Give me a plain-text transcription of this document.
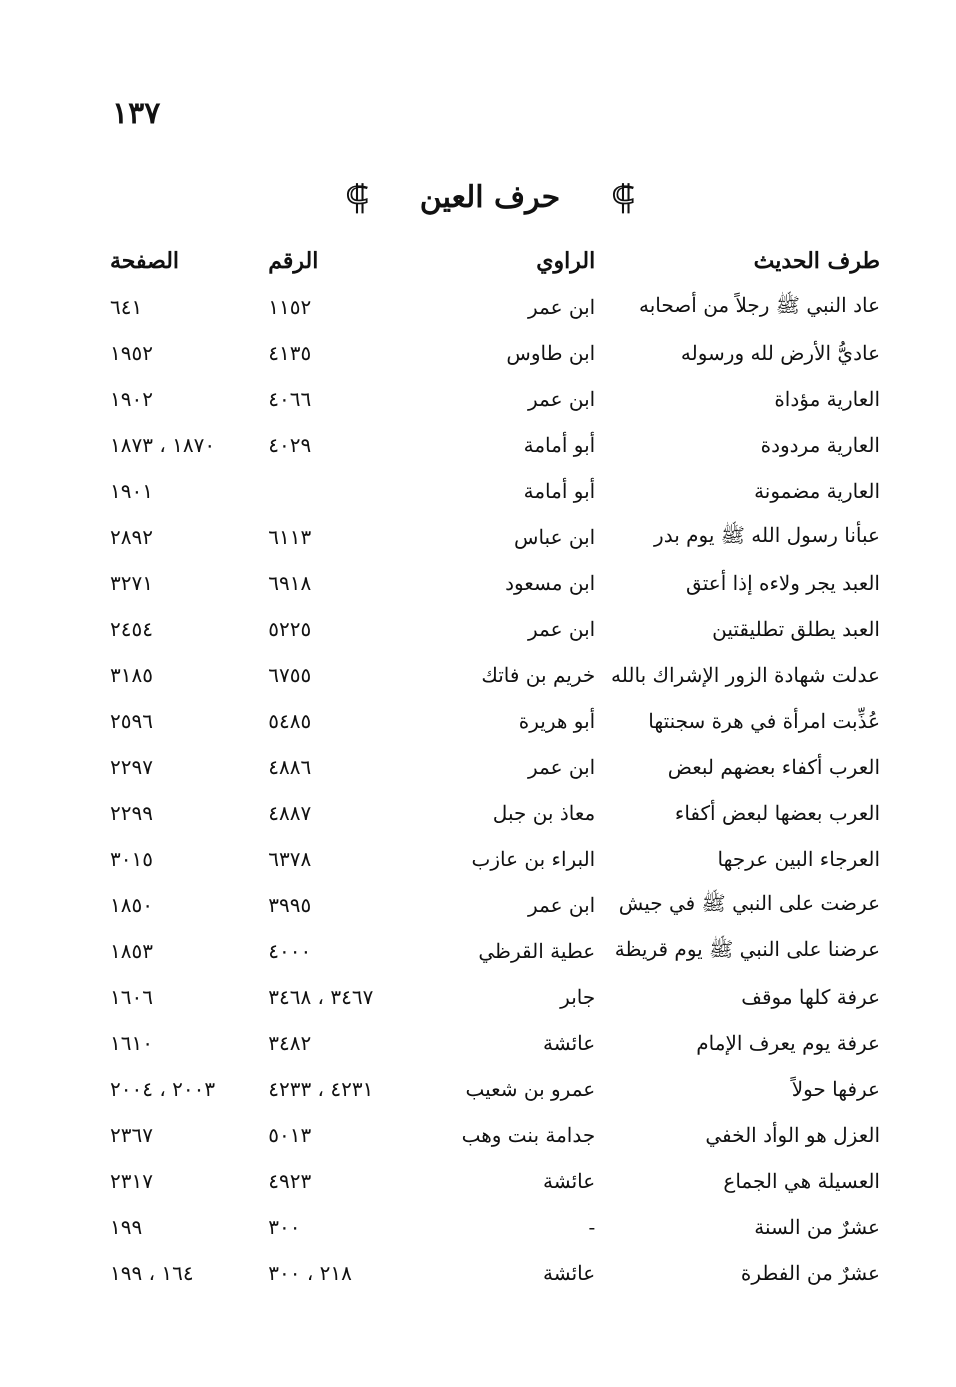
١٣٧
⸿	حرف العين	⸿
طرف الحديث	الراوي	الرقم	الصفحة
عاد النبي ﷺ رجلاً من أصحابه	ابن عمر	١١٥٢	٦٤١
عاديُّ الأرض لله ورسوله	ابن طاوس	٤١٣٥	١٩٥٢
العارية مؤداة	ابن عمر	٤٠٦٦	١٩٠٢
العارية مردودة	أبو أمامة	٤٠٢٩	١٨٧٠ ، ١٨٧٣
العارية مضمونة	أبو أمامة		١٩٠١
عبأنا رسول الله ﷺ يوم بدر	ابن عباس	٦١١٣	٢٨٩٢
العبد يجر ولاءه إذا أعتق	ابن مسعود	٦٩١٨	٣٢٧١
العبد يطلق تطليقتين	ابن عمر	٥٢٢٥	٢٤٥٤
عدلت شهادة الزور الإشراك بالله	خريم بن فاتك	٦٧٥٥	٣١٨٥
عُذِّبت امرأة في هرة سجنتها	أبو هريرة	٥٤٨٥	٢٥٩٦
العرب أكفاء بعضهم لبعض	ابن عمر	٤٨٨٦	٢٢٩٧
العرب بعضها لبعض أكفاء	معاذ بن جبل	٤٨٨٧	٢٢٩٩
العرجاء البين عرجها	البراء بن عازب	٦٣٧٨	٣٠١٥
عرضت على النبي ﷺ في جيش	ابن عمر	٣٩٩٥	١٨٥٠
عرضنا على النبي ﷺ يوم قريظة	عطية القرظي	٤٠٠٠	١٨٥٣
عرفة كلها موقف	جابر	٣٤٦٧ ، ٣٤٦٨	١٦٠٦
عرفة يوم يعرف الإمام	عائشة	٣٤٨٢	١٦١٠
عرفها حولاً	عمرو بن شعيب	٤٢٣١ ، ٤٢٣٣	٢٠٠٣ ، ٢٠٠٤
العزل هو الوأد الخفي	جدامة بنت وهب	٥٠١٣	٢٣٦٧
العسيلة هي الجماع	عائشة	٤٩٢٣	٢٣١٧
عشرٌ من السنة	-	٣٠٠	١٩٩
عشرٌ من الفطرة	عائشة	٢١٨ ، ٣٠٠	١٦٤ ، ١٩٩
